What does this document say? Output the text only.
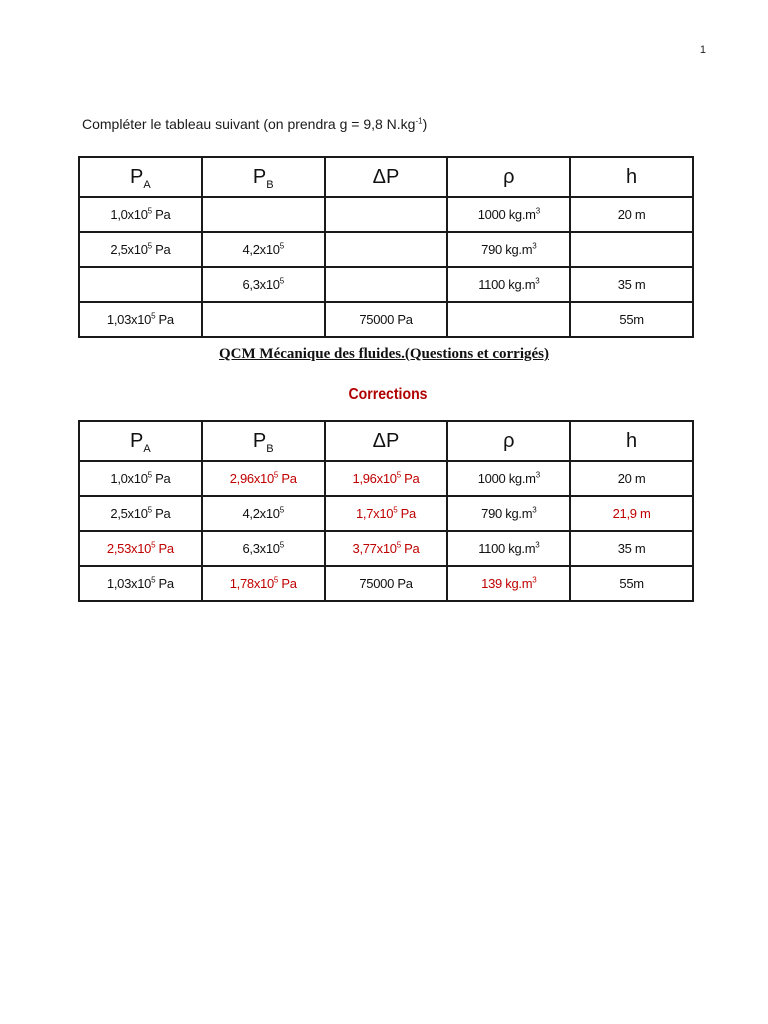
1
Compléter le tableau suivant (on prendra g = 9,8 $N.kg^{-1}$)
$P_A$	$P_B$	ΔP	ρ	h
$1,0x10^5$ Pa			1000 $kg.m^3$	20 m
$2,5x10^5$ Pa	$4,2x10^5$		790 $kg.m^3$	
	$6,3x10^5$		1100 $kg.m^3$	35 m
$1,03x10^5$ Pa		75000 Pa		55m
QCM Mécanique des fluides.(Questions et corrigés)
Corrections
$P_A$	$P_B$	ΔP	ρ	h
$1,0x10^5$ Pa	$2,96x10^5$ Pa	$1,96x10^5$ Pa	1000 $kg.m^3$	20 m
$2,5x10^5$ Pa	$4,2x10^5$	$1,7x10^5$ Pa	790 $kg.m^3$	21,9 m
$2,53x10^5$ Pa	$6,3x10^5$	$3,77x10^5$ Pa	1100 $kg.m^3$	35 m
$1,03x10^5$ Pa	$1,78x10^5$ Pa	75000 Pa	139 $kg.m^3$	55m
